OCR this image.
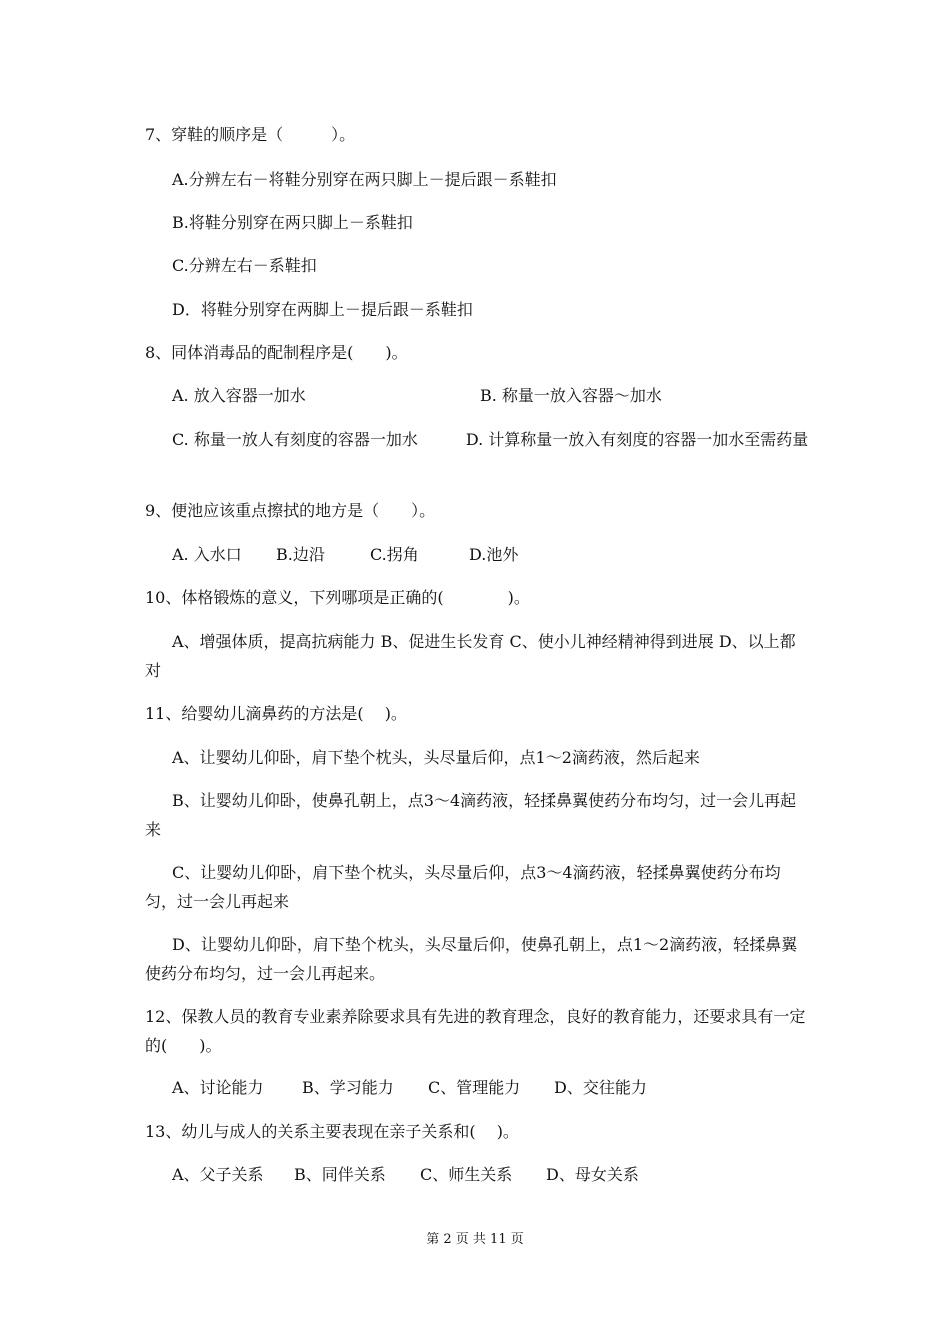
7、穿鞋的顺序是（　　　）。
A.分辨左右－将鞋分别穿在两只脚上－提后跟－系鞋扣
B.将鞋分别穿在两只脚上－系鞋扣
C.分辨左右－系鞋扣
D．将鞋分别穿在两脚上－提后跟－系鞋扣
8、同体消毒品的配制程序是(　　)。
A. 放入容器一加水	B. 称量一放入容器～加水
C. 称量一放人有刻度的容器一加水　　　D. 计算称量一放入有刻度的容器一加水至需药量
9、便池应该重点擦拭的地方是（　　）。
A. 入水口 B.边沿	C.拐角	D.池外
10、体格锻炼的意义，下列哪项是正确的(　　　　)。
A、增强体质，提高抗病能力 B、促进生长发育 C、使小儿神经精神得到进展 D、以上都对
11、给婴幼儿滴鼻药的方法是(　 )。
A、让婴幼儿仰卧，肩下垫个枕头，头尽量后仰，点1～2滴药液，然后起来
B、让婴幼儿仰卧，使鼻孔朝上，点3～4滴药液，轻揉鼻翼使药分布均匀，过一会儿再起来
C、让婴幼儿仰卧，肩下垫个枕头，头尽量后仰，点3～4滴药液，轻揉鼻翼使药分布均匀，过一会儿再起来
D、让婴幼儿仰卧，肩下垫个枕头，头尽量后仰，使鼻孔朝上，点1～2滴药液，轻揉鼻翼使药分布均匀，过一会儿再起来。
12、保教人员的教育专业素养除要求具有先进的教育理念，良好的教育能力，还要求具有一定的(　　)。
A、讨论能力 B、学习能力 C、管理能力 D、交往能力
13、幼儿与成人的关系主要表现在亲子关系和(　 )。
A、父子关系 B、同伴关系 C、师生关系 D、母女关系
第 2 页 共 11 页
